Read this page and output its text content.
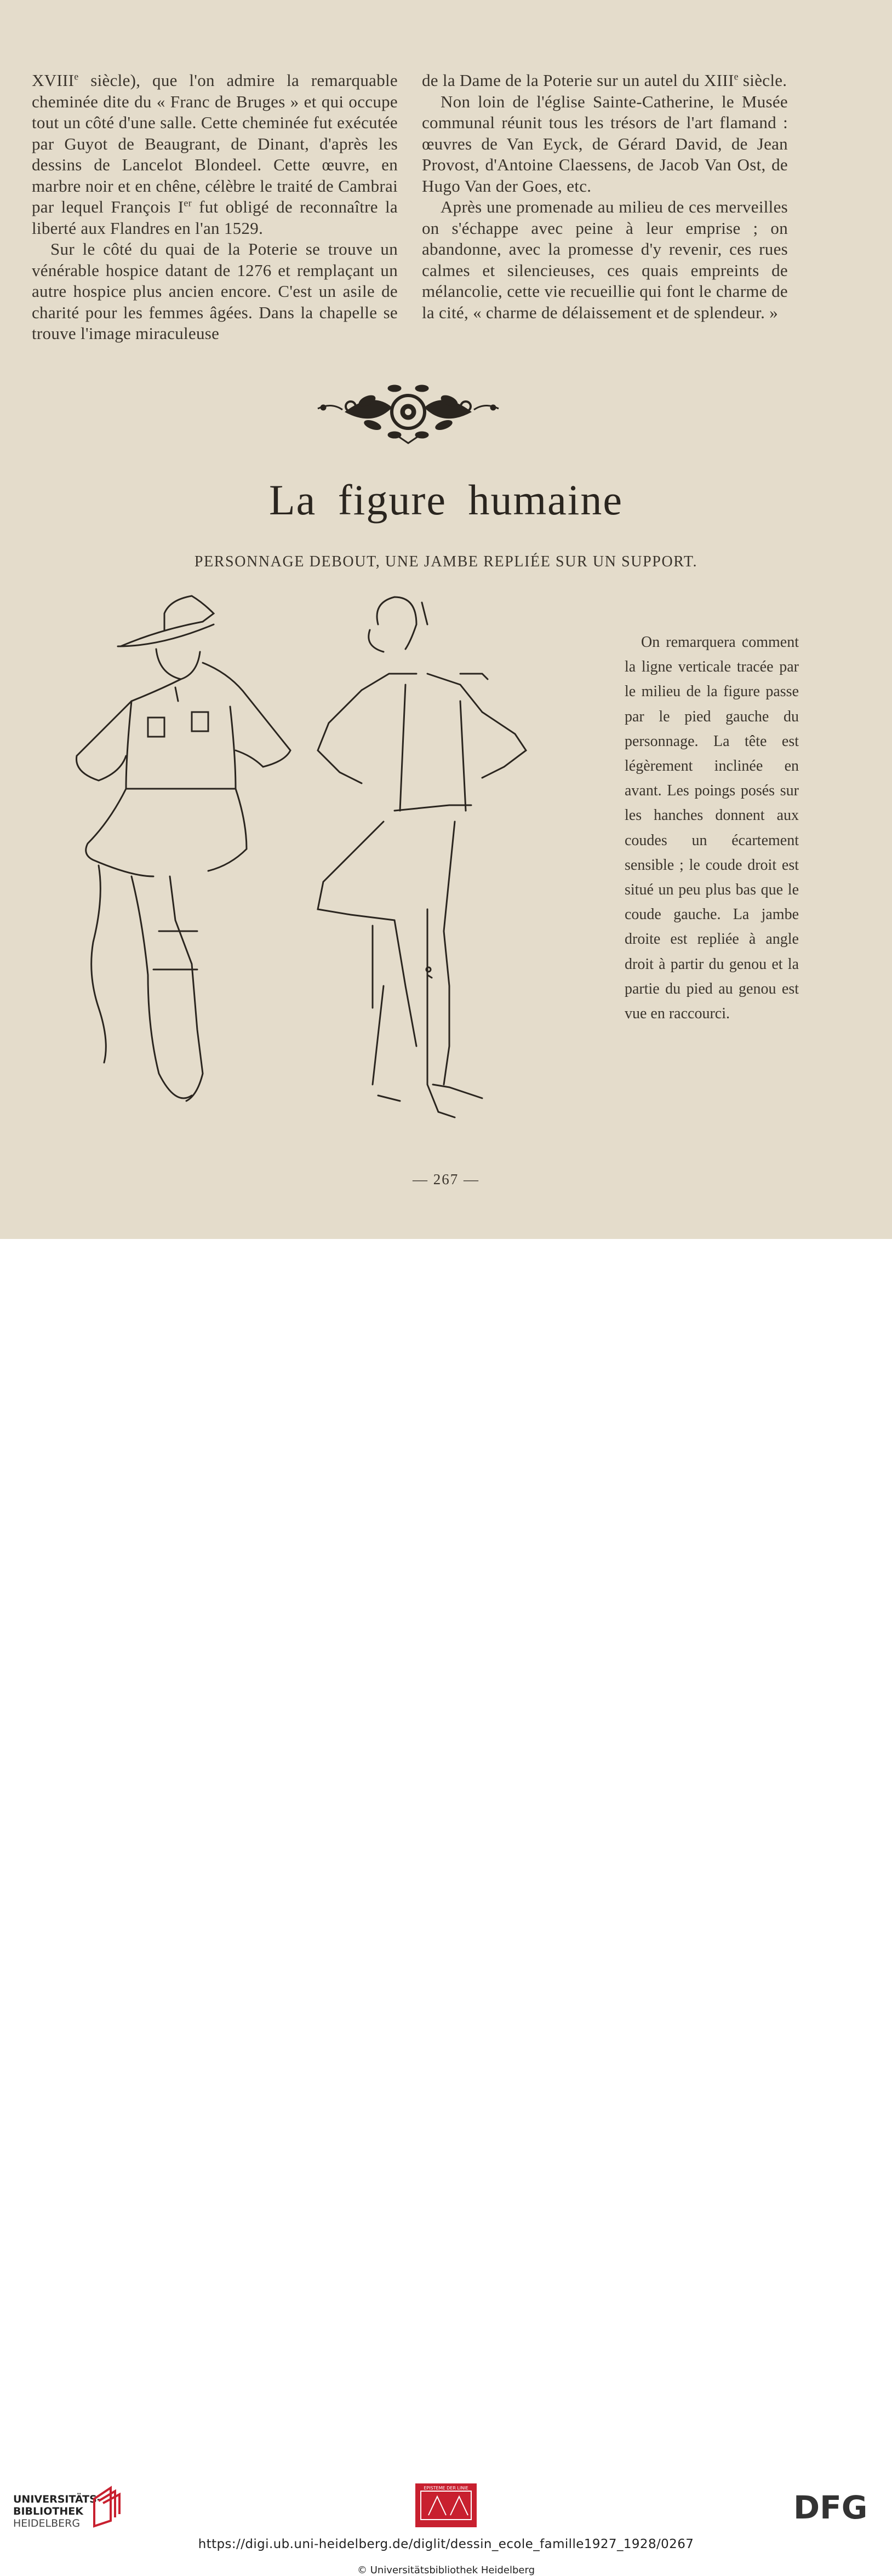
XVIIIe siècle), que l'on admire la remarquable cheminée dite du « Franc de Bruges » et qui occupe tout un côté d'une salle. Cette cheminée fut exécutée par Guyot de Beaugrant, de Dinant, d'après les dessins de Lancelot Blondeel. Cette œuvre, en marbre noir et en chêne, célèbre le traité de Cambrai par lequel François Ier fut obligé de reconnaître la liberté aux Flandres en l'an 1529.

Sur le côté du quai de la Poterie se trouve un vénérable hospice datant de 1276 et remplaçant un autre hospice plus ancien encore. C'est un asile de charité pour les femmes âgées. Dans la chapelle se trouve l'image miraculeuse

de la Dame de la Poterie sur un autel du XIIIe siècle.

Non loin de l'église Sainte-Catherine, le Musée communal réunit tous les trésors de l'art flamand : œuvres de Van Eyck, de Gérard David, de Jean Provost, d'Antoine Claessens, de Jacob Van Ost, de Hugo Van der Goes, etc.

Après une promenade au milieu de ces merveilles on s'échappe avec peine à leur emprise ; on abandonne, avec la promesse d'y revenir, ces rues calmes et silencieuses, ces quais empreints de mélancolie, cette vie recueillie qui font le charme de la cité, « charme de délaissement et de splendeur. »

La figure humaine
PERSONNAGE DEBOUT, UNE JAMBE REPLIÉE SUR UN SUPPORT.
On remarquera comment la ligne verticale tracée par le milieu de la figure passe par le pied gauche du personnage. La tête est légèrement inclinée en avant. Les poings posés sur les hanches donnent aux coudes un écartement sensible ; le coude droit est situé un peu plus bas que le coude gauche. La jambe droite est repliée à angle droit à partir du genou et la partie du pied au genou est vue en raccourci.
— 267 —
UNIVERSITÄTS-
BIBLIOTHEK
HEIDELBERG
EPISTEME DER LINIE
DFG
https://digi.ub.uni-heidelberg.de/diglit/dessin_ecole_famille1927_1928/0267
© Universitätsbibliothek Heidelberg
